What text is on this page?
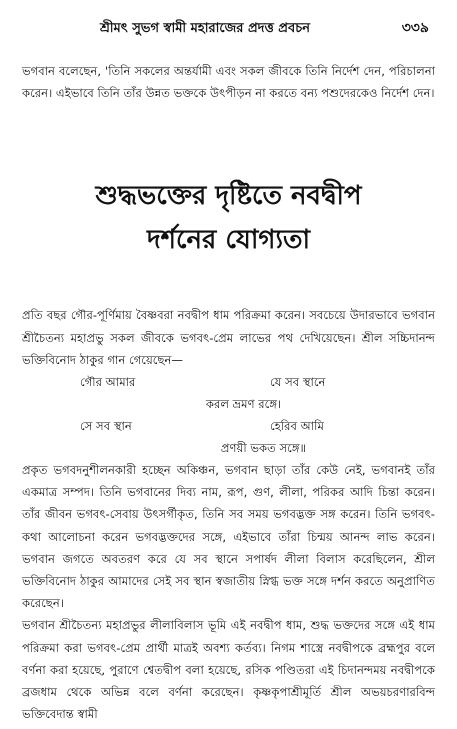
শ্রীমৎ সুভগ স্বামী মহারাজের প্রদত্ত প্রবচন	৩৩৯

ভগবান বলেছেন, 'তিনি সকলের অন্তর্যামী এবং সকল জীবকে তিনি নির্দেশ দেন, পরিচালনা করেন। এইভাবে তিনি তাঁর উন্নত ভক্তকে উৎপীড়ন না করতে বন্য পশুদেরকেও নির্দেশ দেন।

শুদ্ধভক্তের দৃষ্টিতে নবদ্বীপ
দর্শনের যোগ্যতা

প্রতি বছর গৌর-পূর্ণিমায় বৈষ্ণবরা নবদ্বীপ ধাম পরিক্রমা করেন। সবচেয়ে উদারভাবে ভগবান শ্রীচৈতন্য মহাপ্রভু সকল জীবকে ভগবৎ-প্রেম লাভের পথ দেখিয়েছেন। শ্রীল সচ্চিদানন্দ ভক্তিবিনোদ ঠাকুর গান গেয়েছেন—

গৌর আমার	যে সব স্থানে
করল ভ্রমণ রঙ্গে।
সে সব স্থান	হেরিব আমি
প্রণয়ী ভকত সঙ্গে॥

প্রকৃত ভগবদনুশীলনকারী হচ্ছেন অকিঞ্চন, ভগবান ছাড়া তাঁর কেউ নেই, ভগবানই তাঁর একমাত্র সম্পদ। তিনি ভগবানের দিব্য নাম, রূপ, গুণ, লীলা, পরিকর আদি চিন্তা করেন। তাঁর জীবন ভগবৎ-সেবায় উৎসর্গীকৃত, তিনি সব সময় ভগবদ্ভক্ত সঙ্গ করেন। তিনি ভগবৎ-কথা আলোচনা করেন ভগবদ্ভক্তদের সঙ্গে, এইভাবে তাঁরা চিন্ময় আনন্দ লাভ করেন। ভগবান জগতে অবতরণ করে যে সব স্থানে সপার্ষদ লীলা বিলাস করেছিলেন, শ্রীল ভক্তিবিনোদ ঠাকুর আমাদের সেই সব স্থান স্বজাতীয় স্নিগ্ধ ভক্ত সঙ্গে দর্শন করতে অনুপ্রাণিত করেছেন।

ভগবান শ্রীচৈতন্য মহাপ্রভুর লীলাবিলাস ভূমি এই নবদ্বীপ ধাম, শুদ্ধ ভক্তদের সঙ্গে এই ধাম পরিক্রমা করা ভগবৎ-প্রেম প্রার্থী মাত্রই অবশ্য কর্তব্য। নিগম শাস্ত্রে নবদ্বীপকে ব্রহ্মপুর বলে বর্ণনা করা হয়েছে, পুরাণে শ্বেতদ্বীপ বলা হয়েছে, রসিক পণ্ডিতরা এই চিদানন্দময় নবদ্বীপকে ব্রজধাম থেকে অভিন্ন বলে বর্ণনা করেছেন। কৃষ্ণকৃপাশ্রীমূর্তি শ্রীল অভয়চরণারবিন্দ ভক্তিবেদান্ত স্বামী
